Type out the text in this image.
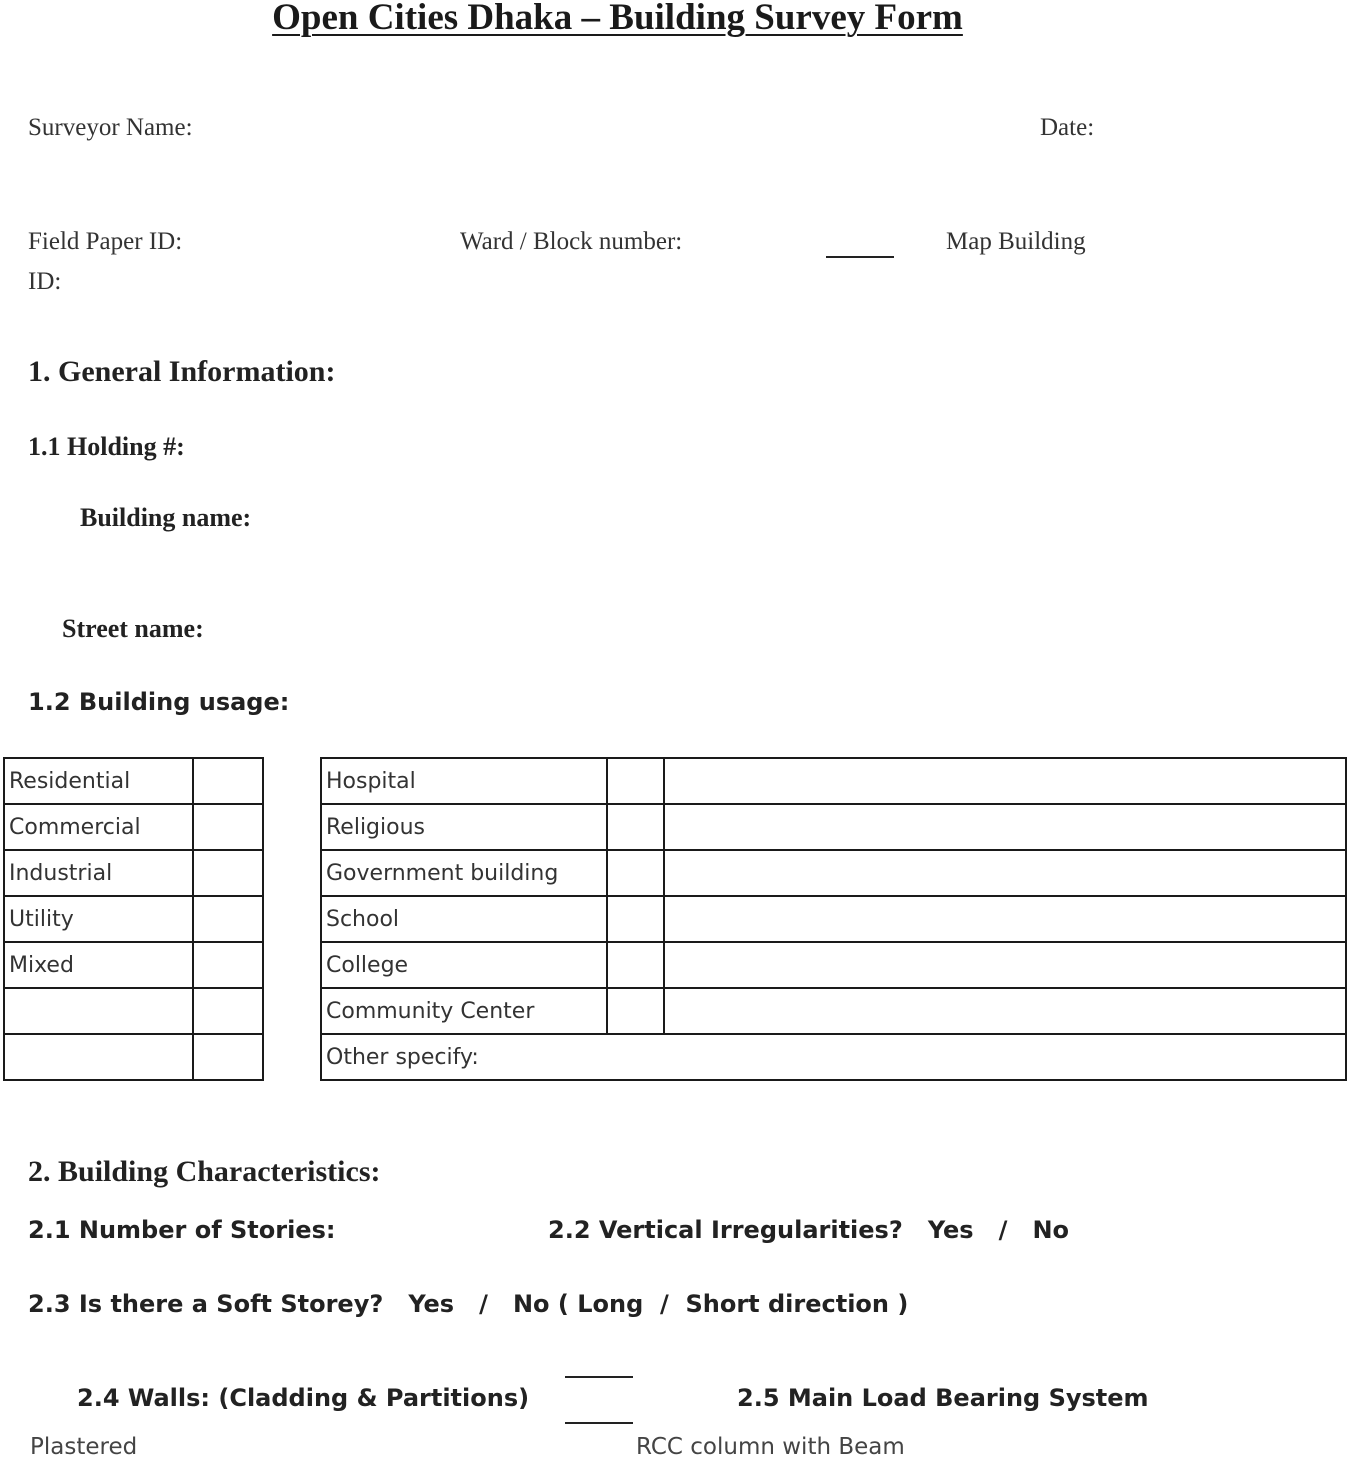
Open Cities Dhaka – Building Survey Form
Surveyor Name:	Date:
Field Paper ID:	Ward / Block number:	Map Building
ID:
1. General Information:
1.1 Holding #:
Building name:
Street name:
1.2 Building usage:
Residential	
Commercial	
Industrial	
Utility	
Mixed	

Hospital		
Religious		
Government building		
School		
College		
Community Center		
Other specify:		
2. Building Characteristics:
2.1 Number of Stories:	2.2 Vertical Irregularities?   Yes   /   No
2.3 Is there a Soft Storey?   Yes   /   No ( Long  /  Short direction )
2.4 Walls: (Cladding & Partitions)	2.5 Main Load Bearing System
Plastered	RCC column with Beam
